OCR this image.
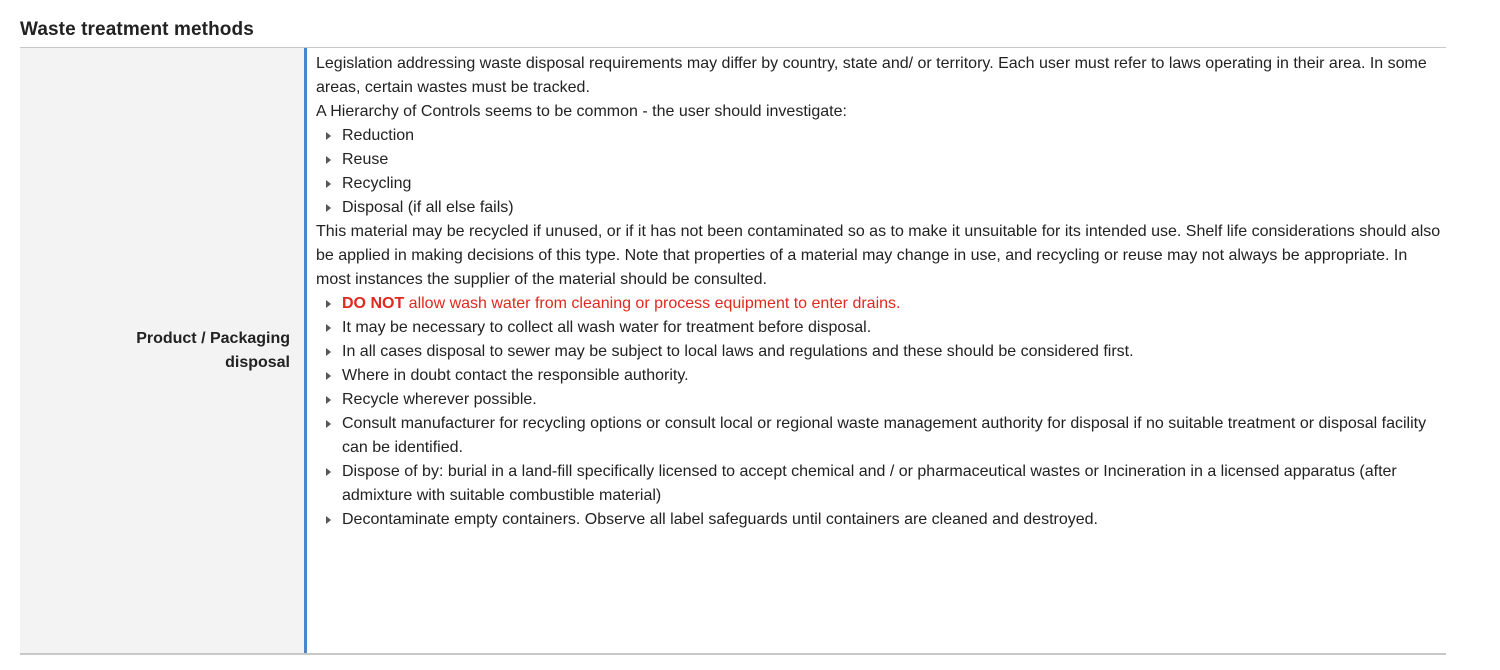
Waste treatment methods
Product / Packaging disposal

Legislation addressing waste disposal requirements may differ by country, state and/ or territory. Each user must refer to laws operating in their area. In some areas, certain wastes must be tracked.

A Hierarchy of Controls seems to be common - the user should investigate:

Reduction
Reuse
Recycling
Disposal (if all else fails)

This material may be recycled if unused, or if it has not been contaminated so as to make it unsuitable for its intended use. Shelf life considerations should also be applied in making decisions of this type. Note that properties of a material may change in use, and recycling or reuse may not always be appropriate. In most instances the supplier of the material should be consulted.

DO NOT allow wash water from cleaning or process equipment to enter drains.
It may be necessary to collect all wash water for treatment before disposal.
In all cases disposal to sewer may be subject to local laws and regulations and these should be considered first.
Where in doubt contact the responsible authority.
Recycle wherever possible.
Consult manufacturer for recycling options or consult local or regional waste management authority for disposal if no suitable treatment or disposal facility can be identified.
Dispose of by: burial in a land-fill specifically licensed to accept chemical and / or pharmaceutical wastes or Incineration in a licensed apparatus (after admixture with suitable combustible material)
Decontaminate empty containers. Observe all label safeguards until containers are cleaned and destroyed.
